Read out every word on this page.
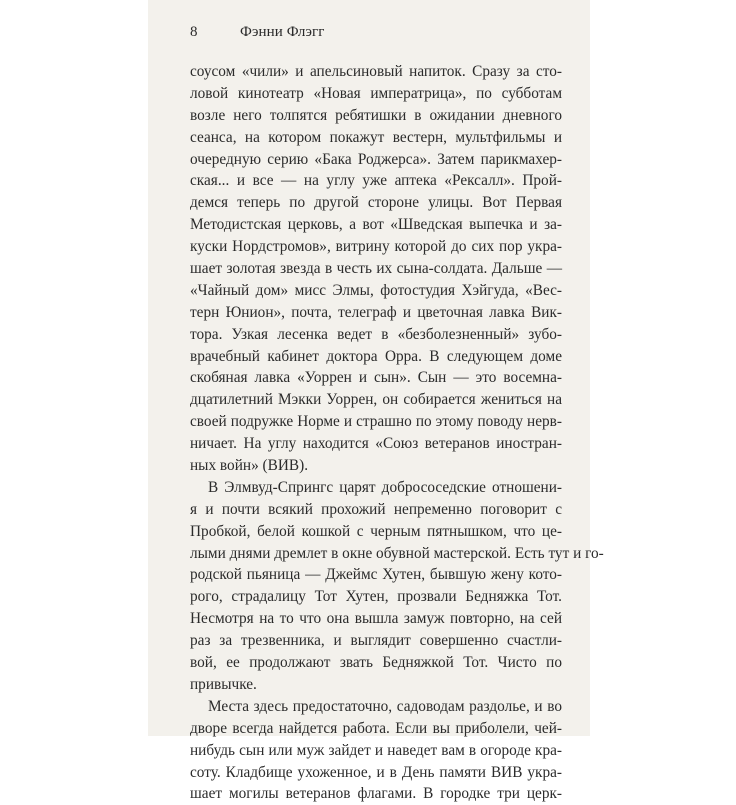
8	Фэнни Флэгг
соусом «чили» и апельсиновый напиток. Сразу за сто-
ловой кинотеатр «Новая императрица», по субботам
возле него толпятся ребятишки в ожидании дневного
сеанса, на котором покажут вестерн, мультфильмы и
очередную серию «Бака Роджерса». Затем парикмахер-
ская... и все — на углу уже аптека «Рексалл». Прой-
демся теперь по другой стороне улицы. Вот Первая
Методистская церковь, а вот «Шведская выпечка и за-
куски Нордстромов», витрину которой до сих пор укра-
шает золотая звезда в честь их сына-солдата. Дальше —
«Чайный дом» мисс Элмы, фотостудия Хэйгуда, «Вес-
терн Юнион», почта, телеграф и цветочная лавка Вик-
тора. Узкая лесенка ведет в «безболезненный» зубо-
врачебный кабинет доктора Орра. В следующем доме
скобяная лавка «Уоррен и сын». Сын — это восемна-
дцатилетний Мэкки Уоррен, он собирается жениться на
своей подружке Норме и страшно по этому поводу нерв-
ничает. На углу находится «Союз ветеранов иностран-
ных войн» (ВИВ).
В Элмвуд-Спрингс царят добрососедские отношени-
я и почти всякий прохожий непременно поговорит с
Пробкой, белой кошкой с черным пятнышком, что це-
лыми днями дремлет в окне обувной мастерской. Есть тут и го-
родской пьяница — Джеймс Хутен, бывшую жену кото-
рого, страдалицу Тот Хутен, прозвали Бедняжка Тот.
Несмотря на то что она вышла замуж повторно, на сей
раз за трезвенника, и выглядит совершенно счастли-
вой, ее продолжают звать Бедняжкой Тот. Чисто по
привычке.
Места здесь предостаточно, садоводам раздолье, и во
дворе всегда найдется работа. Если вы приболели, чей-
нибудь сын или муж зайдет и наведет вам в огороде кра-
соту. Кладбище ухоженное, и в День памяти ВИВ укра-
шает могилы ветеранов флагами. В городке три церк-
